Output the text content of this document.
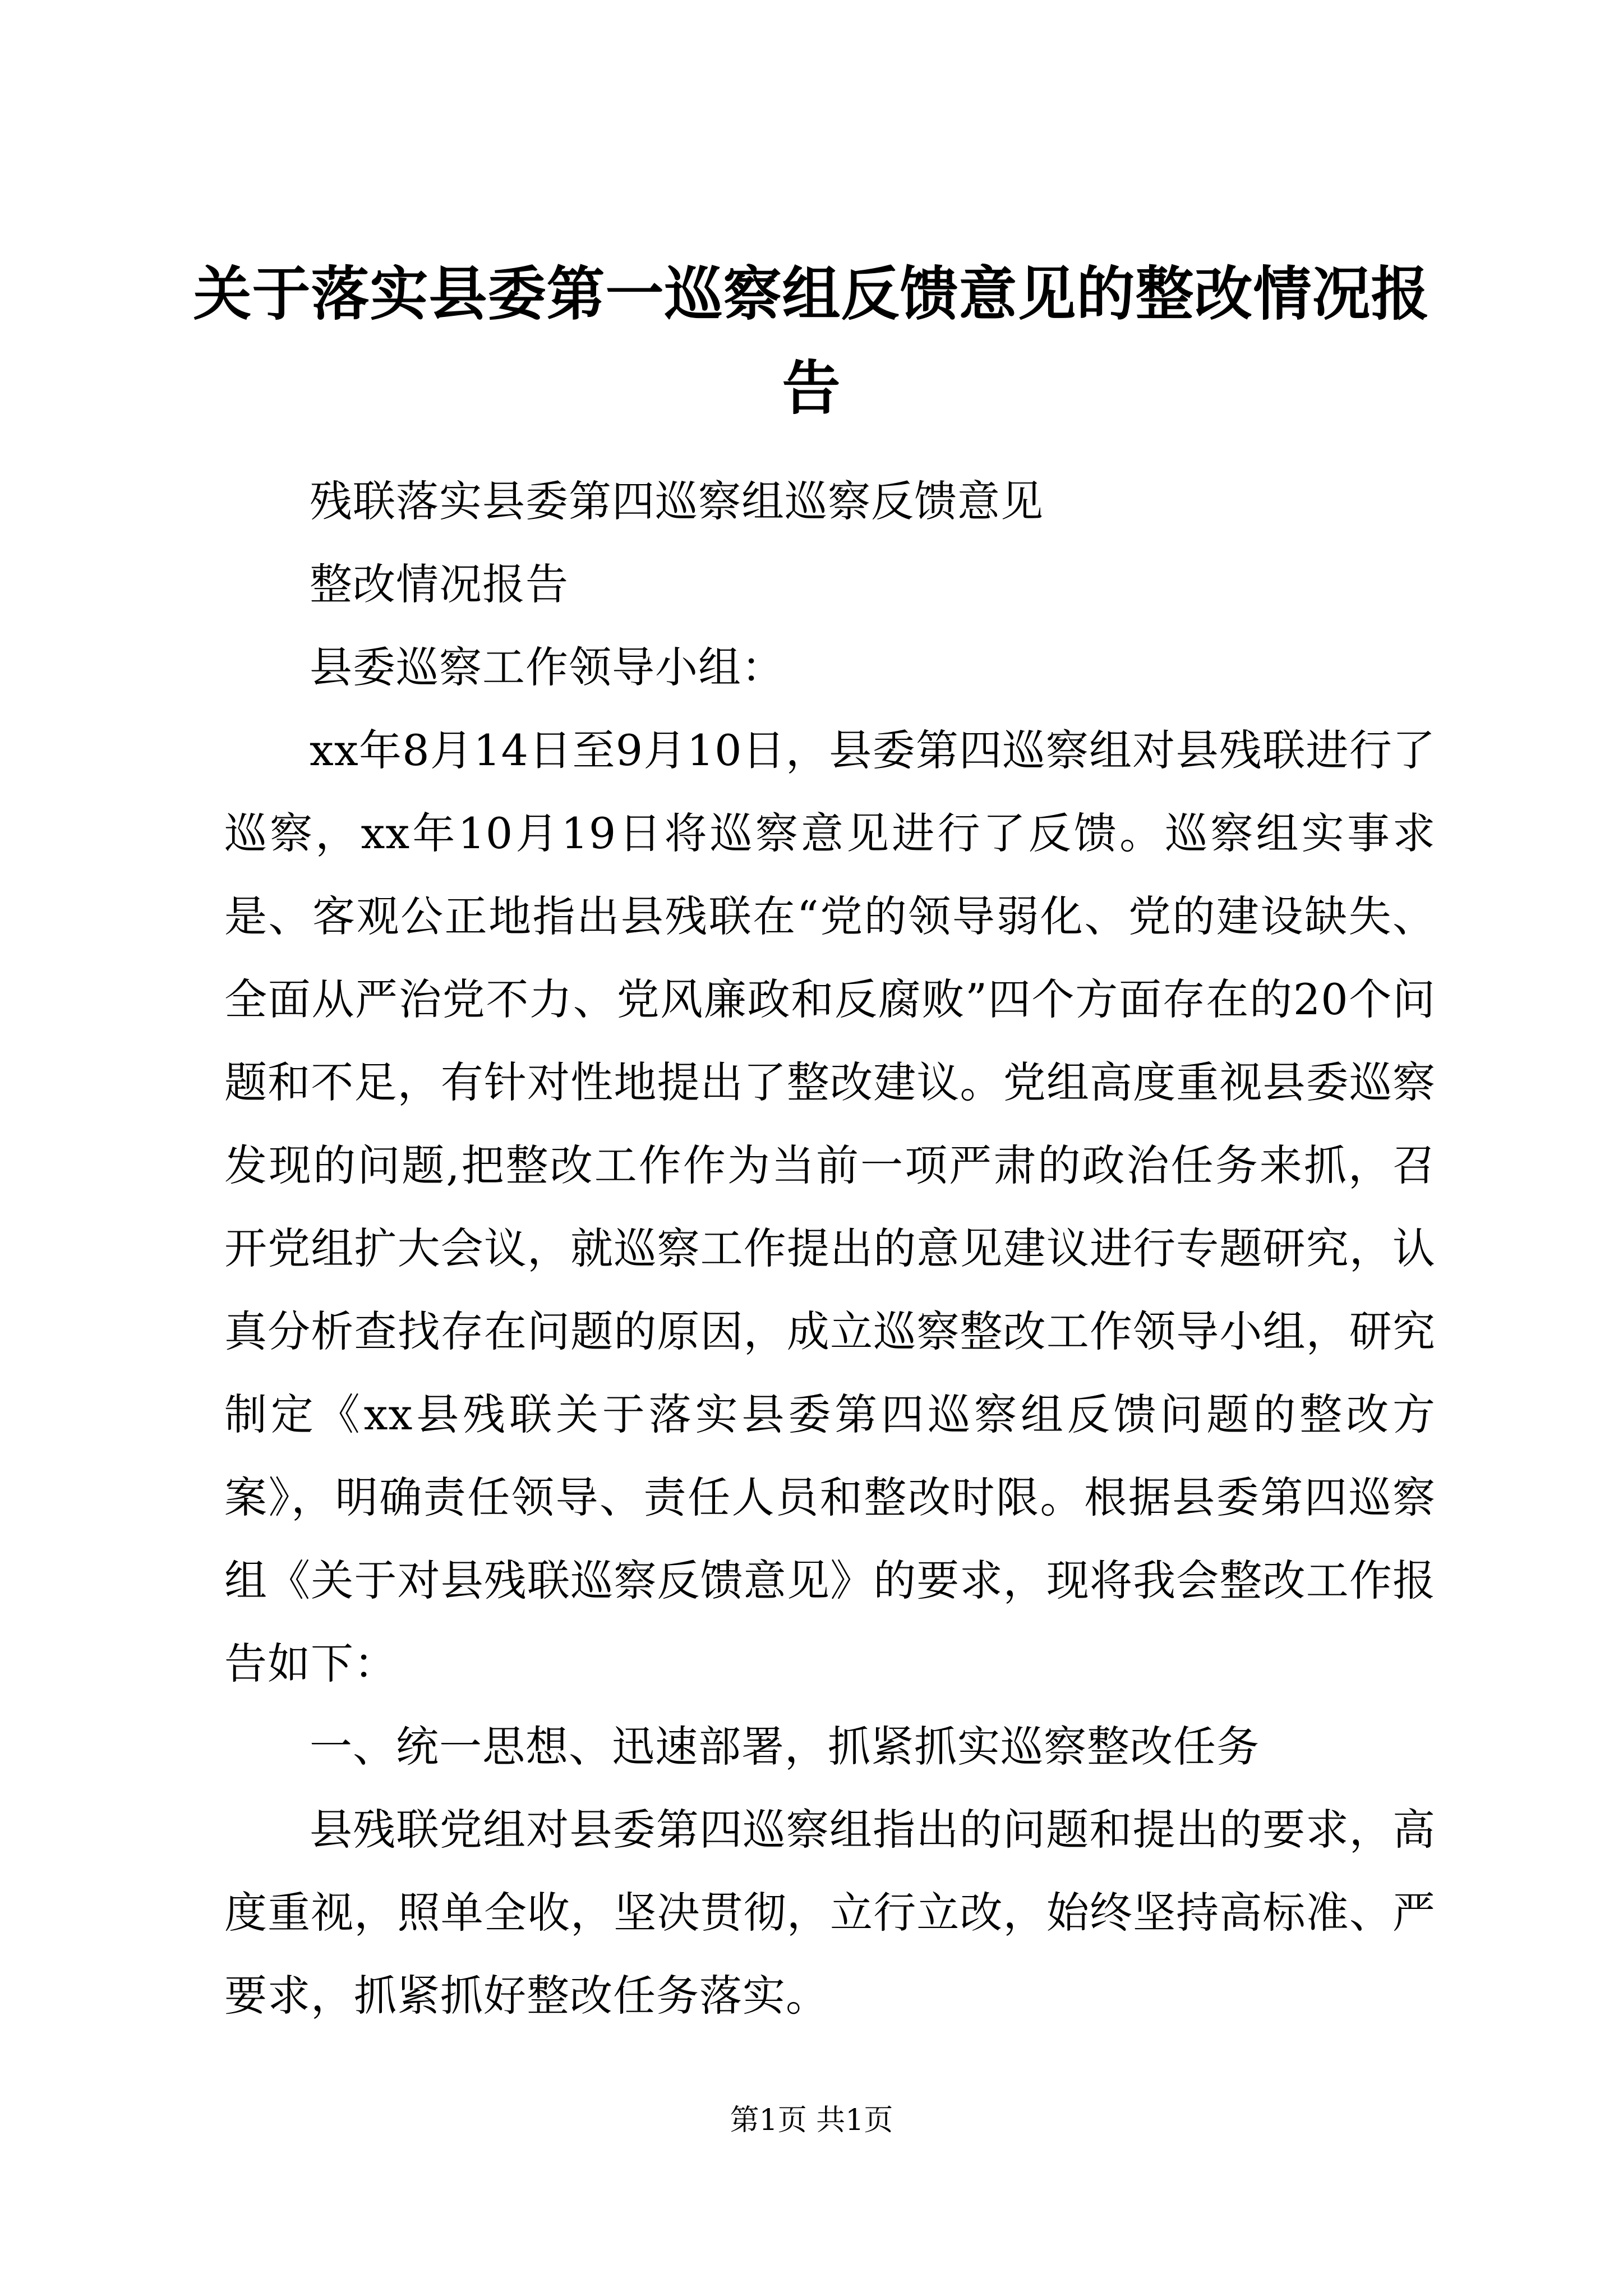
关于落实县委第一巡察组反馈意见的整改情况报告

残联落实县委第四巡察组巡察反馈意见

整改情况报告

县委巡察工作领导小组：

xx年8月14日至9月10日，县委第四巡察组对县残联进行了巡察，xx年10月19日将巡察意见进行了反馈。巡察组实事求是、客观公正地指出县残联在“党的领导弱化、党的建设缺失、全面从严治党不力、党风廉政和反腐败”四个方面存在的20个问题和不足，有针对性地提出了整改建议。党组高度重视县委巡察发现的问题,把整改工作作为当前一项严肃的政治任务来抓，召开党组扩大会议，就巡察工作提出的意见建议进行专题研究，认真分析查找存在问题的原因，成立巡察整改工作领导小组，研究制定《xx县残联关于落实县委第四巡察组反馈问题的整改方案》，明确责任领导、责任人员和整改时限。根据县委第四巡察组《关于对县残联巡察反馈意见》的要求，现将我会整改工作报告如下：

一、统一思想、迅速部署，抓紧抓实巡察整改任务

县残联党组对县委第四巡察组指出的问题和提出的要求，高度重视，照单全收，坚决贯彻，立行立改，始终坚持高标准、严要求，抓紧抓好整改任务落实。

第1页 共1页
